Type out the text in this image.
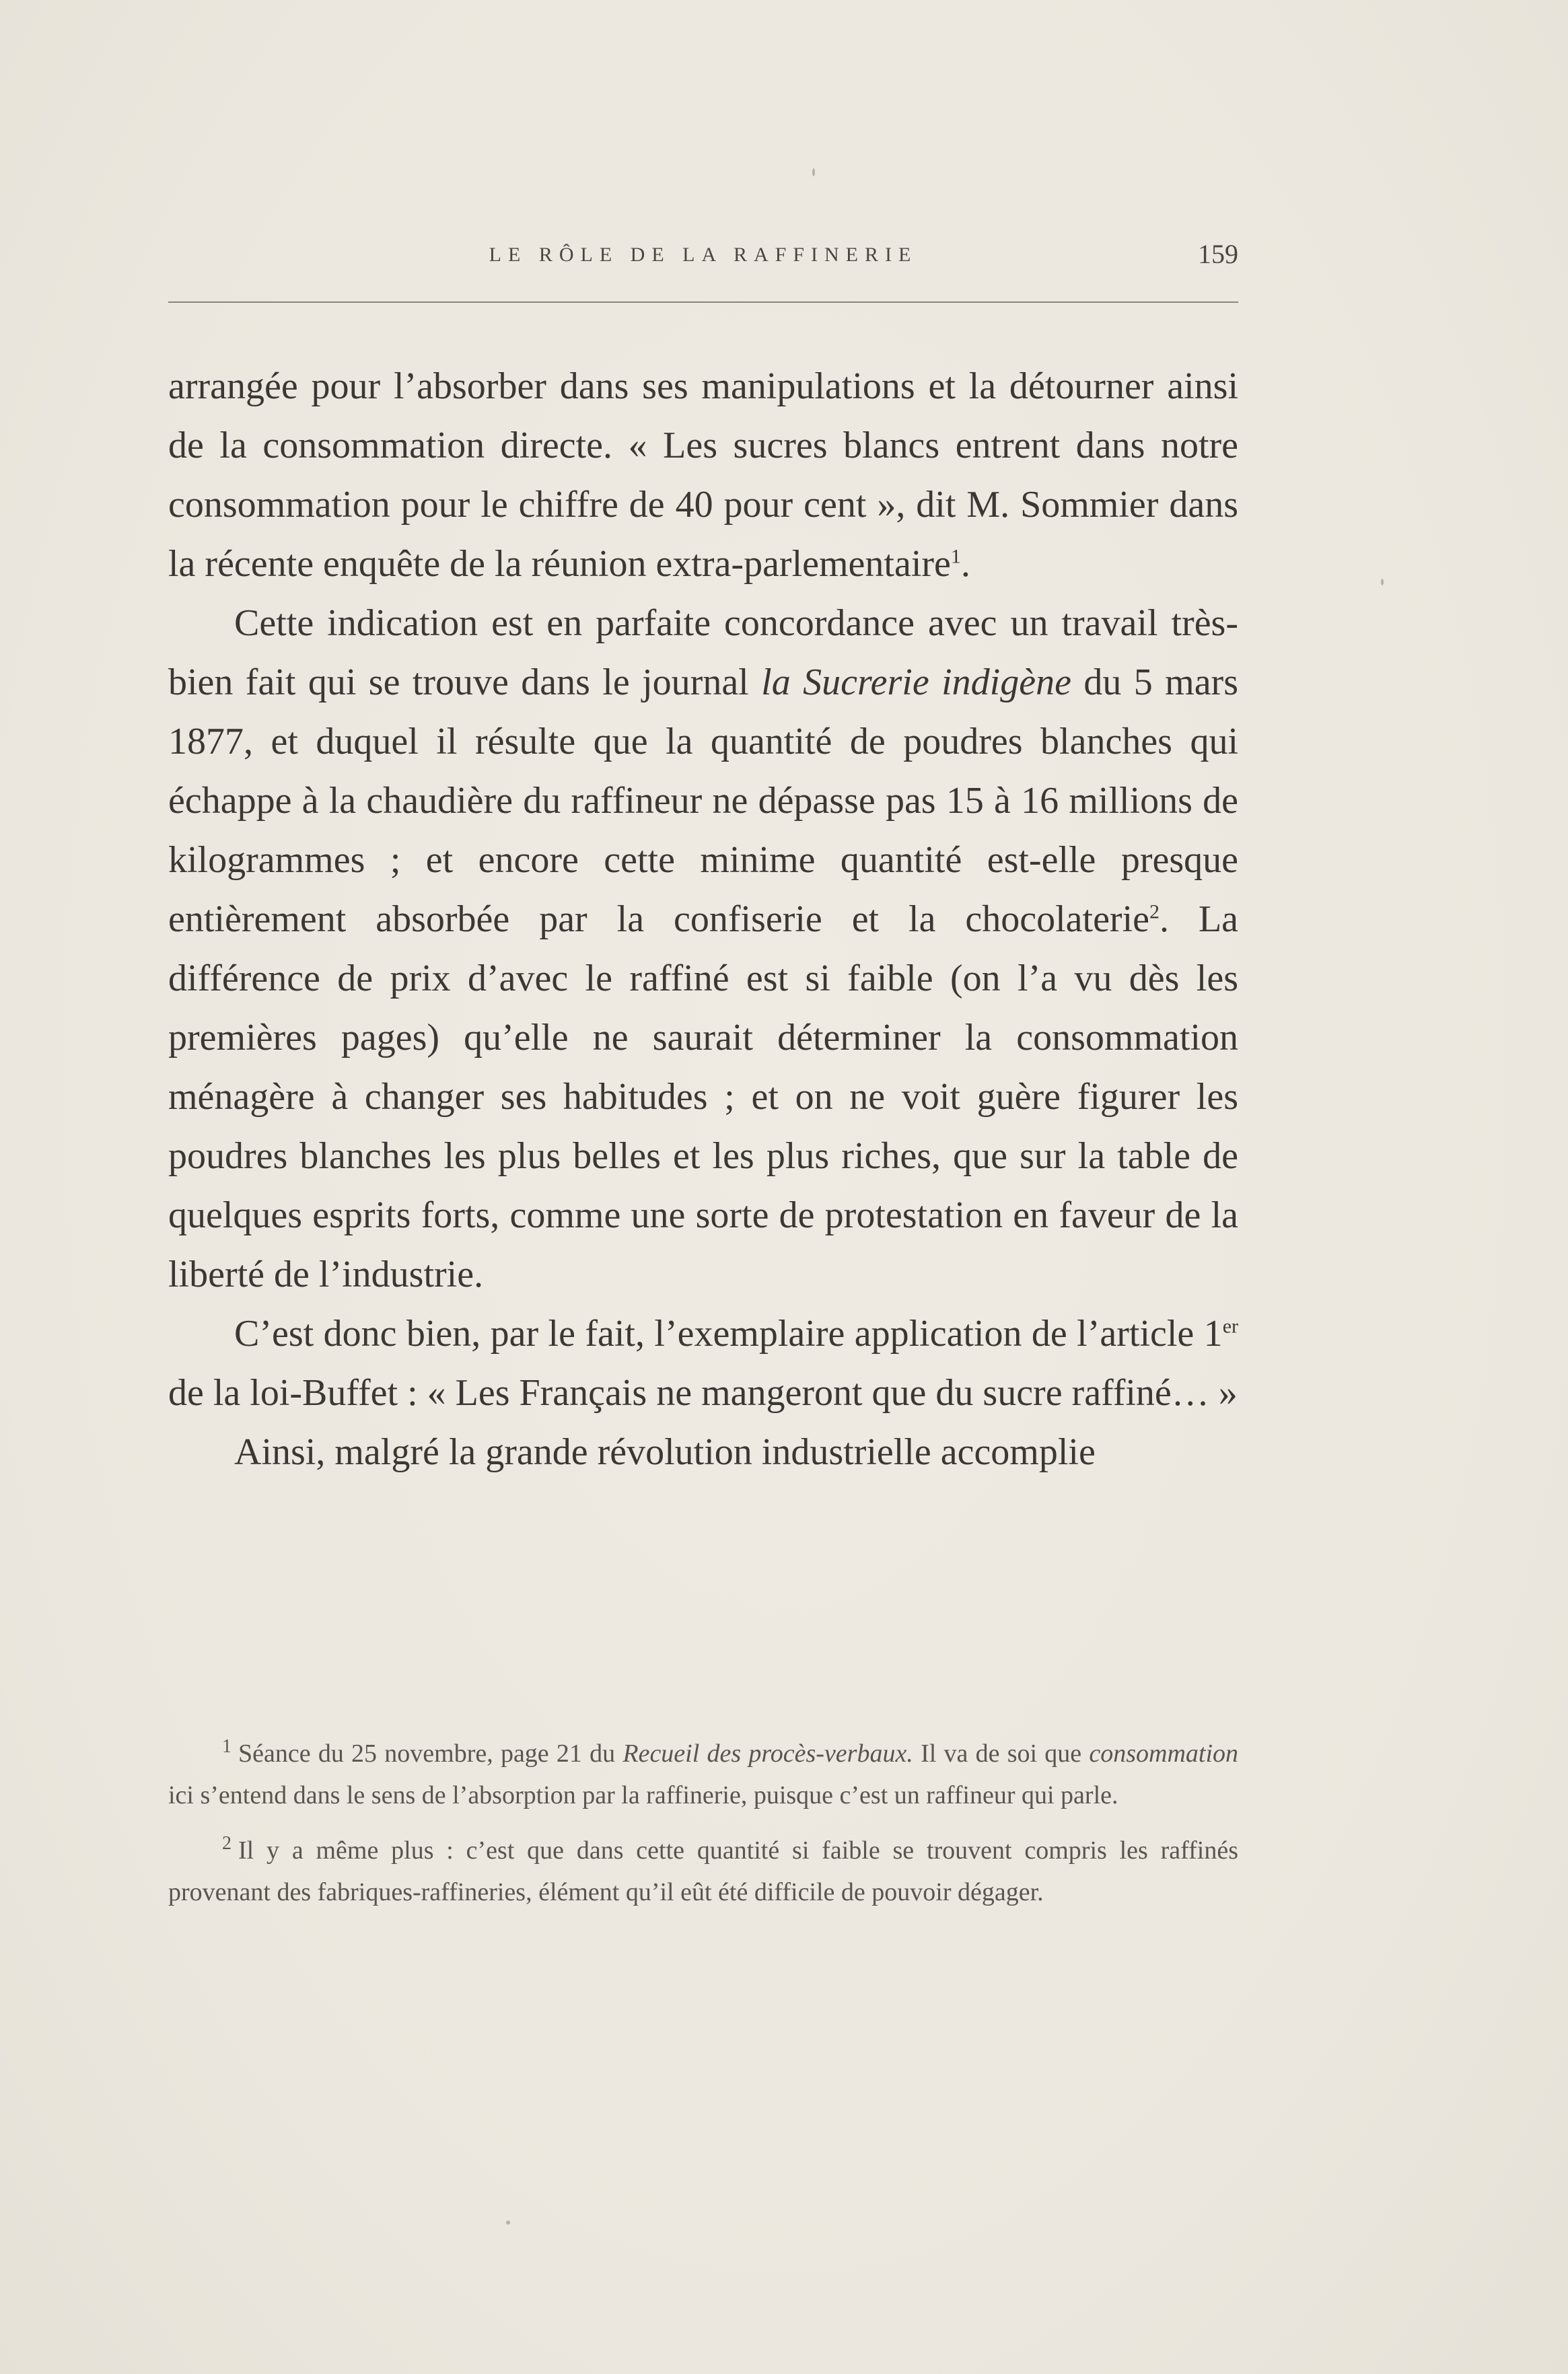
LE RÔLE DE LA RAFFINERIE	159

arrangée pour l’absorber dans ses manipulations et la détourner ainsi de la consommation directe. « Les sucres blancs entrent dans notre consommation pour le chiffre de 40 pour cent », dit M. Sommier dans la récente enquête de la réunion extra-parlementaire$^1$.

Cette indication est en parfaite concordance avec un travail très-bien fait qui se trouve dans le journal la Sucrerie indigène du 5 mars 1877, et duquel il résulte que la quantité de poudres blanches qui échappe à la chaudière du raffineur ne dépasse pas 15 à 16 millions de kilogrammes ; et encore cette minime quantité est-elle presque entièrement absorbée par la confiserie et la chocolaterie$^2$. La différence de prix d’avec le raffiné est si faible (on l’a vu dès les premières pages) qu’elle ne saurait déterminer la consommation ménagère à changer ses habitudes ; et on ne voit guère figurer les poudres blanches les plus belles et les plus riches, que sur la table de quelques esprits forts, comme une sorte de protestation en faveur de la liberté de l’industrie.

C’est donc bien, par le fait, l’exemplaire application de l’article 1er de la loi-Buffet : « Les Français ne mangeront que du sucre raffiné… »

Ainsi, malgré la grande révolution industrielle accomplie

$^1$ Séance du 25 novembre, page 21 du Recueil des procès-verbaux. Il va de soi que consommation ici s’entend dans le sens de l’absorption par la raffinerie, puisque c’est un raffineur qui parle.

$^2$ Il y a même plus : c’est que dans cette quantité si faible se trouvent compris les raffinés provenant des fabriques-raffineries, élément qu’il eût été difficile de pouvoir dégager.
